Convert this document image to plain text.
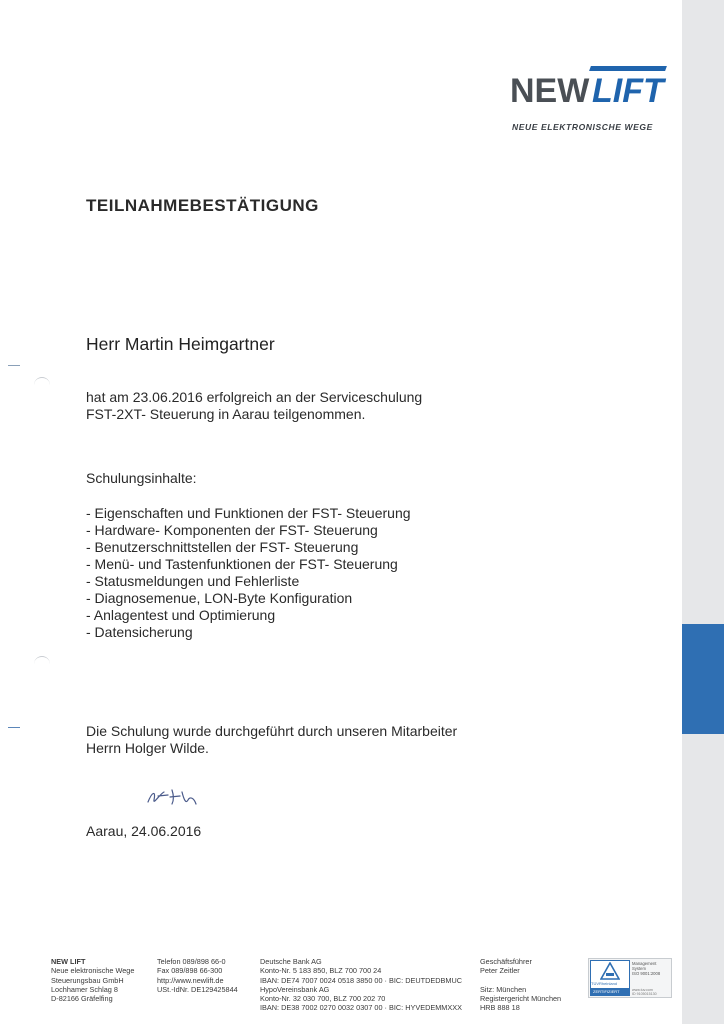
NEW LIFT
NEUE ELEKTRONISCHE WEGE
TEILNAHMEBESTÄTIGUNG
Herr Martin Heimgartner
hat am 23.06.2016 erfolgreich an der Serviceschulung
FST-2XT- Steuerung in Aarau teilgenommen.
Schulungsinhalte:
- Eigenschaften und Funktionen der FST- Steuerung
- Hardware- Komponenten der FST- Steuerung
- Benutzerschnittstellen der FST- Steuerung
- Menü- und Tastenfunktionen der FST- Steuerung
- Statusmeldungen und Fehlerliste
- Diagnosemenue, LON-Byte Konfiguration
- Anlagentest und Optimierung
- Datensicherung
Die Schulung wurde durchgeführt durch unseren Mitarbeiter
Herrn Holger Wilde.
Aarau, 24.06.2016
NEW LIFT
Neue elektronische Wege
Steuerungsbau GmbH
Lochhamer Schlag 8
D-82166 Gräfelfing
Telefon 089/898 66-0
Fax 089/898 66-300
http://www.newlift.de
USt.-IdNr. DE129425844
Deutsche Bank AG
Konto-Nr. 5 183 850, BLZ 700 700 24
IBAN: DE74 7007 0024 0518 3850 00 · BIC: DEUTDEDBMUC
HypoVereinsbank AG
Konto-Nr. 32 030 700, BLZ 700 202 70
IBAN: DE38 7002 0270 0032 0307 00 · BIC: HYVEDEMMXXX
Geschäftsführer
Peter Zeitler

Sitz: München
Registergericht München
HRB 888 18
TÜVRheinland
ZERTIFIZIERT
Management
System
ISO 9001:2008
www.tuv.com
ID 9105015130
